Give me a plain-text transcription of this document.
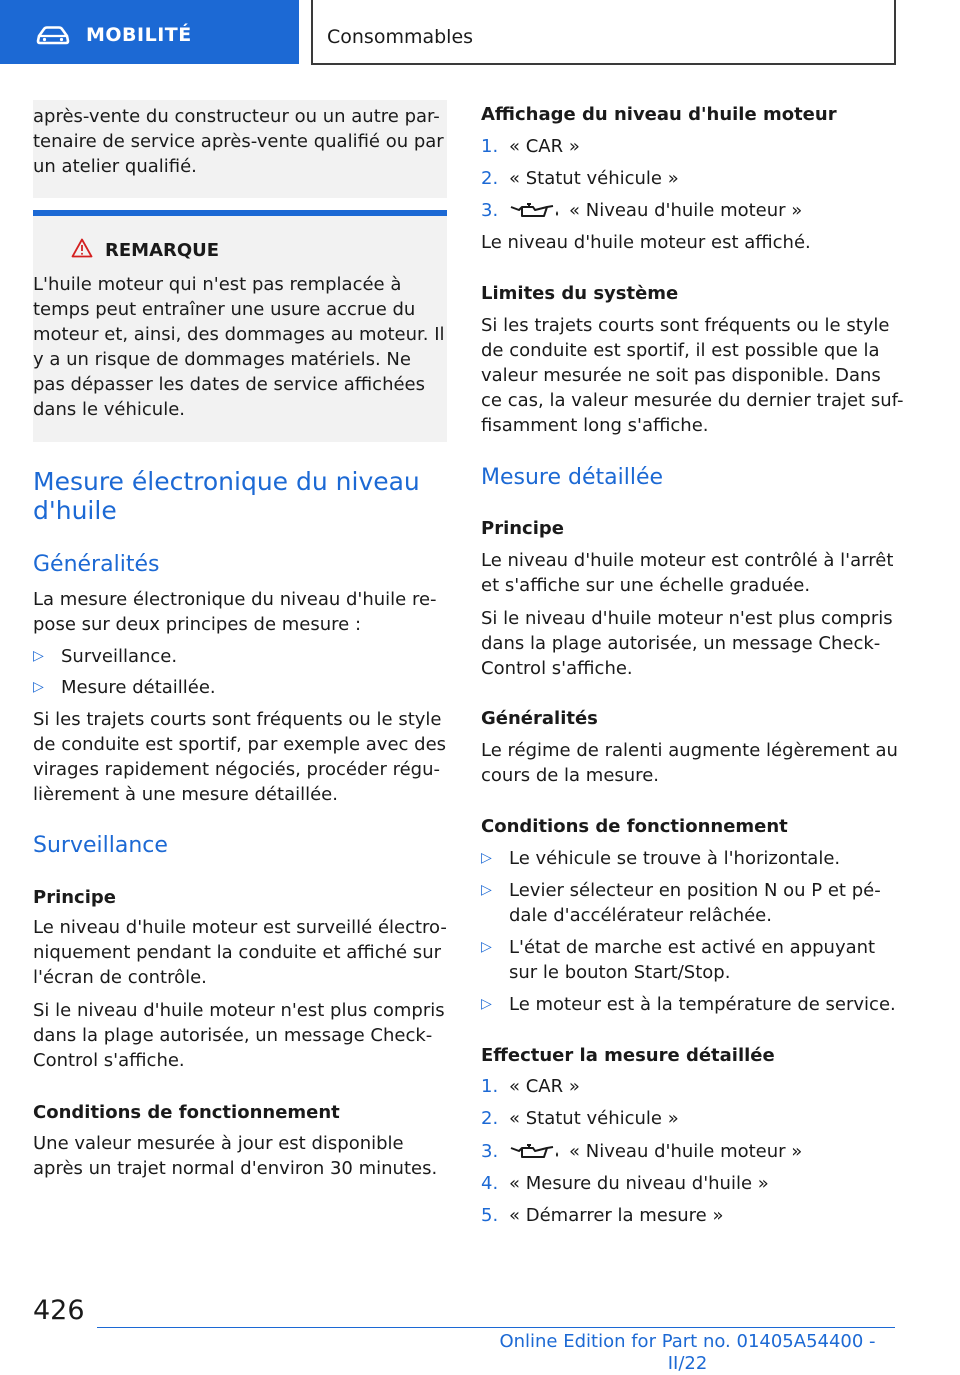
MOBILITÉ	Consommables
après-vente du constructeur ou un autre par-
tenaire de service après-vente qualifié ou par
un atelier qualifié.
REMARQUE
L'huile moteur qui n'est pas remplacée à
temps peut entraîner une usure accrue du
moteur et, ainsi, des dommages au moteur. Il
y a un risque de dommages matériels. Ne
pas dépasser les dates de service affichées
dans le véhicule.
Mesure électronique du niveau
d'huile
Généralités
La mesure électronique du niveau d'huile re-
pose sur deux principes de mesure :
▷ Surveillance.
▷ Mesure détaillée.
Si les trajets courts sont fréquents ou le style
de conduite est sportif, par exemple avec des
virages rapidement négociés, procéder régu-
lièrement à une mesure détaillée.
Surveillance
Principe
Le niveau d'huile moteur est surveillé électro-
niquement pendant la conduite et affiché sur
l'écran de contrôle.
Si le niveau d'huile moteur n'est plus compris
dans la plage autorisée, un message Check-
Control s'affiche.
Conditions de fonctionnement
Une valeur mesurée à jour est disponible
après un trajet normal d'environ 30 minutes.
Affichage du niveau d'huile moteur
1. « CAR »
2. « Statut véhicule »
3.	« Niveau d'huile moteur »
Le niveau d'huile moteur est affiché.
Limites du système
Si les trajets courts sont fréquents ou le style
de conduite est sportif, il est possible que la
valeur mesurée ne soit pas disponible. Dans
ce cas, la valeur mesurée du dernier trajet suf-
fisamment long s'affiche.
Mesure détaillée
Principe
Le niveau d'huile moteur est contrôlé à l'arrêt
et s'affiche sur une échelle graduée.
Si le niveau d'huile moteur n'est plus compris
dans la plage autorisée, un message Check-
Control s'affiche.
Généralités
Le régime de ralenti augmente légèrement au
cours de la mesure.
Conditions de fonctionnement
▷ Le véhicule se trouve à l'horizontale.
▷ Levier sélecteur en position N ou P et pé-
dale d'accélérateur relâchée.
▷ L'état de marche est activé en appuyant
sur le bouton Start/Stop.
▷ Le moteur est à la température de service.
Effectuer la mesure détaillée
1. « CAR »
2. « Statut véhicule »
3.	« Niveau d'huile moteur »
4. « Mesure du niveau d'huile »
5. « Démarrer la mesure »
426
Online Edition for Part no. 01405A54400 - II/22
